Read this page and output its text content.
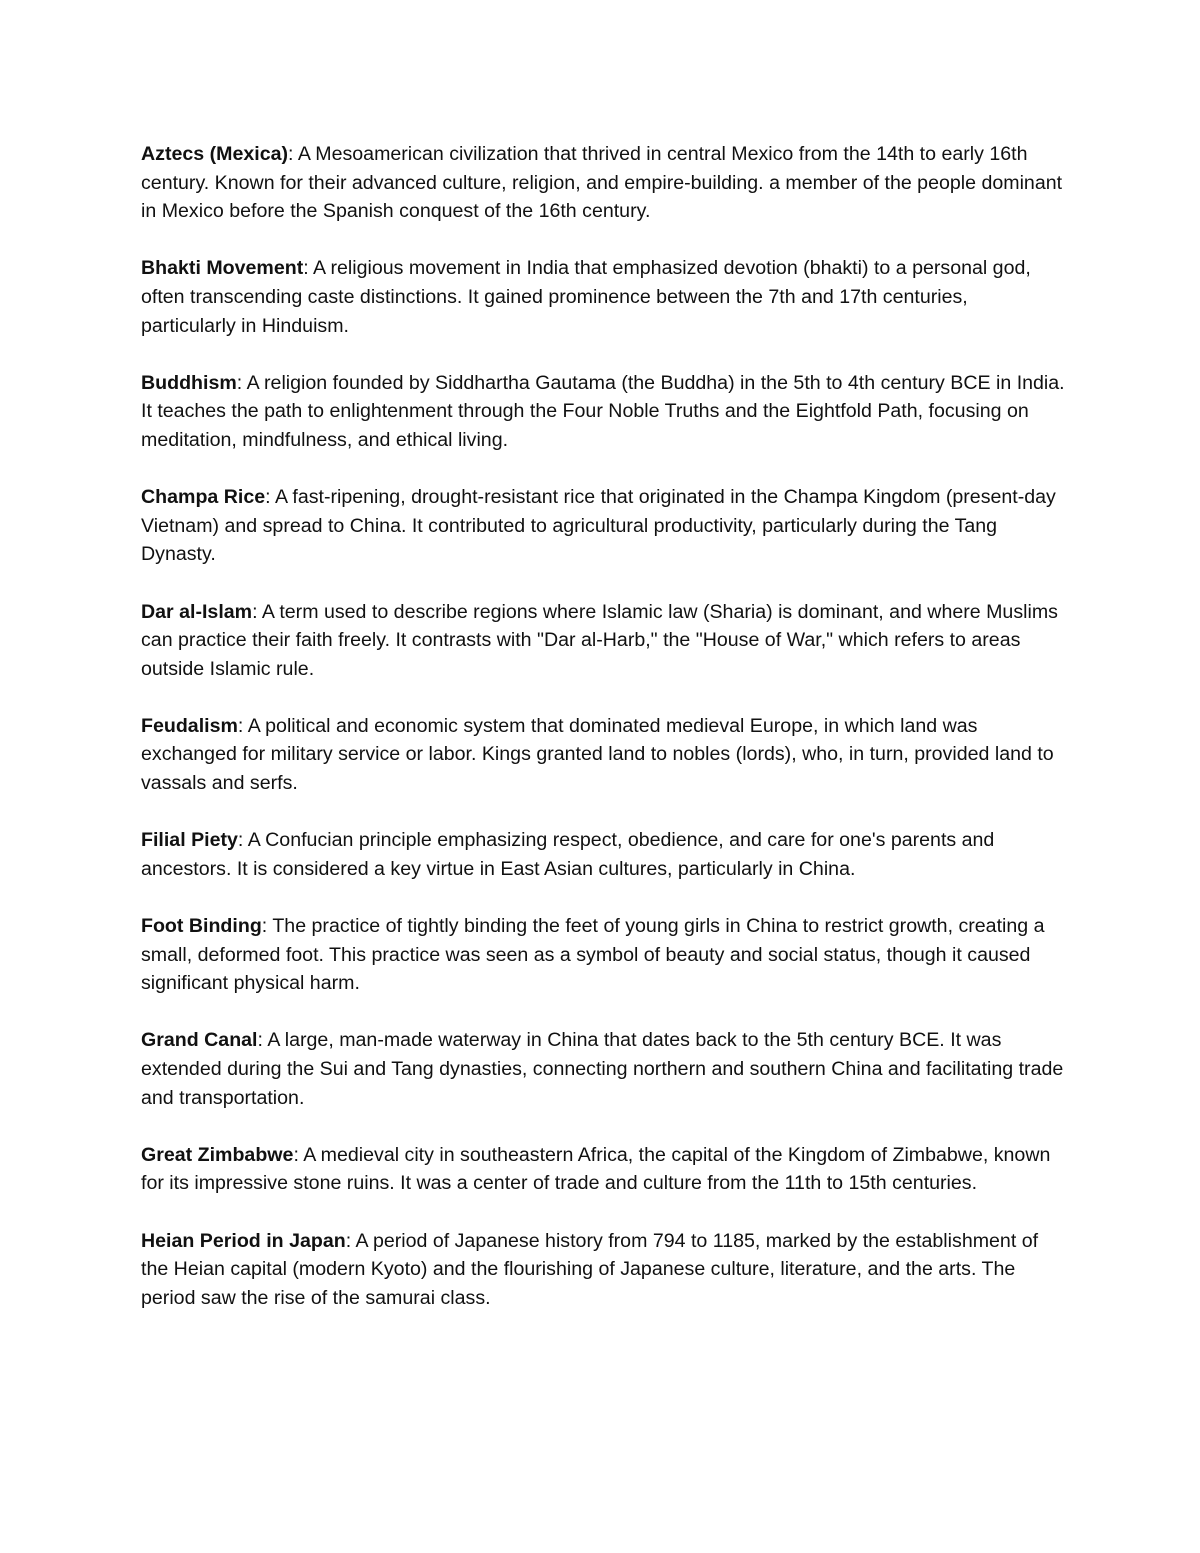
Aztecs (Mexica): A Mesoamerican civilization that thrived in central Mexico from the 14th to early 16th century. Known for their advanced culture, religion, and empire-building. a member of the people dominant in Mexico before the Spanish conquest of the 16th century.

Bhakti Movement: A religious movement in India that emphasized devotion (bhakti) to a personal god, often transcending caste distinctions. It gained prominence between the 7th and 17th centuries, particularly in Hinduism.

Buddhism: A religion founded by Siddhartha Gautama (the Buddha) in the 5th to 4th century BCE in India. It teaches the path to enlightenment through the Four Noble Truths and the Eightfold Path, focusing on meditation, mindfulness, and ethical living.

Champa Rice: A fast-ripening, drought-resistant rice that originated in the Champa Kingdom (present-day Vietnam) and spread to China. It contributed to agricultural productivity, particularly during the Tang Dynasty.

Dar al-Islam: A term used to describe regions where Islamic law (Sharia) is dominant, and where Muslims can practice their faith freely. It contrasts with "Dar al-Harb," the "House of War," which refers to areas outside Islamic rule.

Feudalism: A political and economic system that dominated medieval Europe, in which land was exchanged for military service or labor. Kings granted land to nobles (lords), who, in turn, provided land to vassals and serfs.

Filial Piety: A Confucian principle emphasizing respect, obedience, and care for one's parents and ancestors. It is considered a key virtue in East Asian cultures, particularly in China.

Foot Binding: The practice of tightly binding the feet of young girls in China to restrict growth, creating a small, deformed foot. This practice was seen as a symbol of beauty and social status, though it caused significant physical harm.

Grand Canal: A large, man-made waterway in China that dates back to the 5th century BCE. It was extended during the Sui and Tang dynasties, connecting northern and southern China and facilitating trade and transportation.

Great Zimbabwe: A medieval city in southeastern Africa, the capital of the Kingdom of Zimbabwe, known for its impressive stone ruins. It was a center of trade and culture from the 11th to 15th centuries.

Heian Period in Japan: A period of Japanese history from 794 to 1185, marked by the establishment of the Heian capital (modern Kyoto) and the flourishing of Japanese culture, literature, and the arts. The period saw the rise of the samurai class.
